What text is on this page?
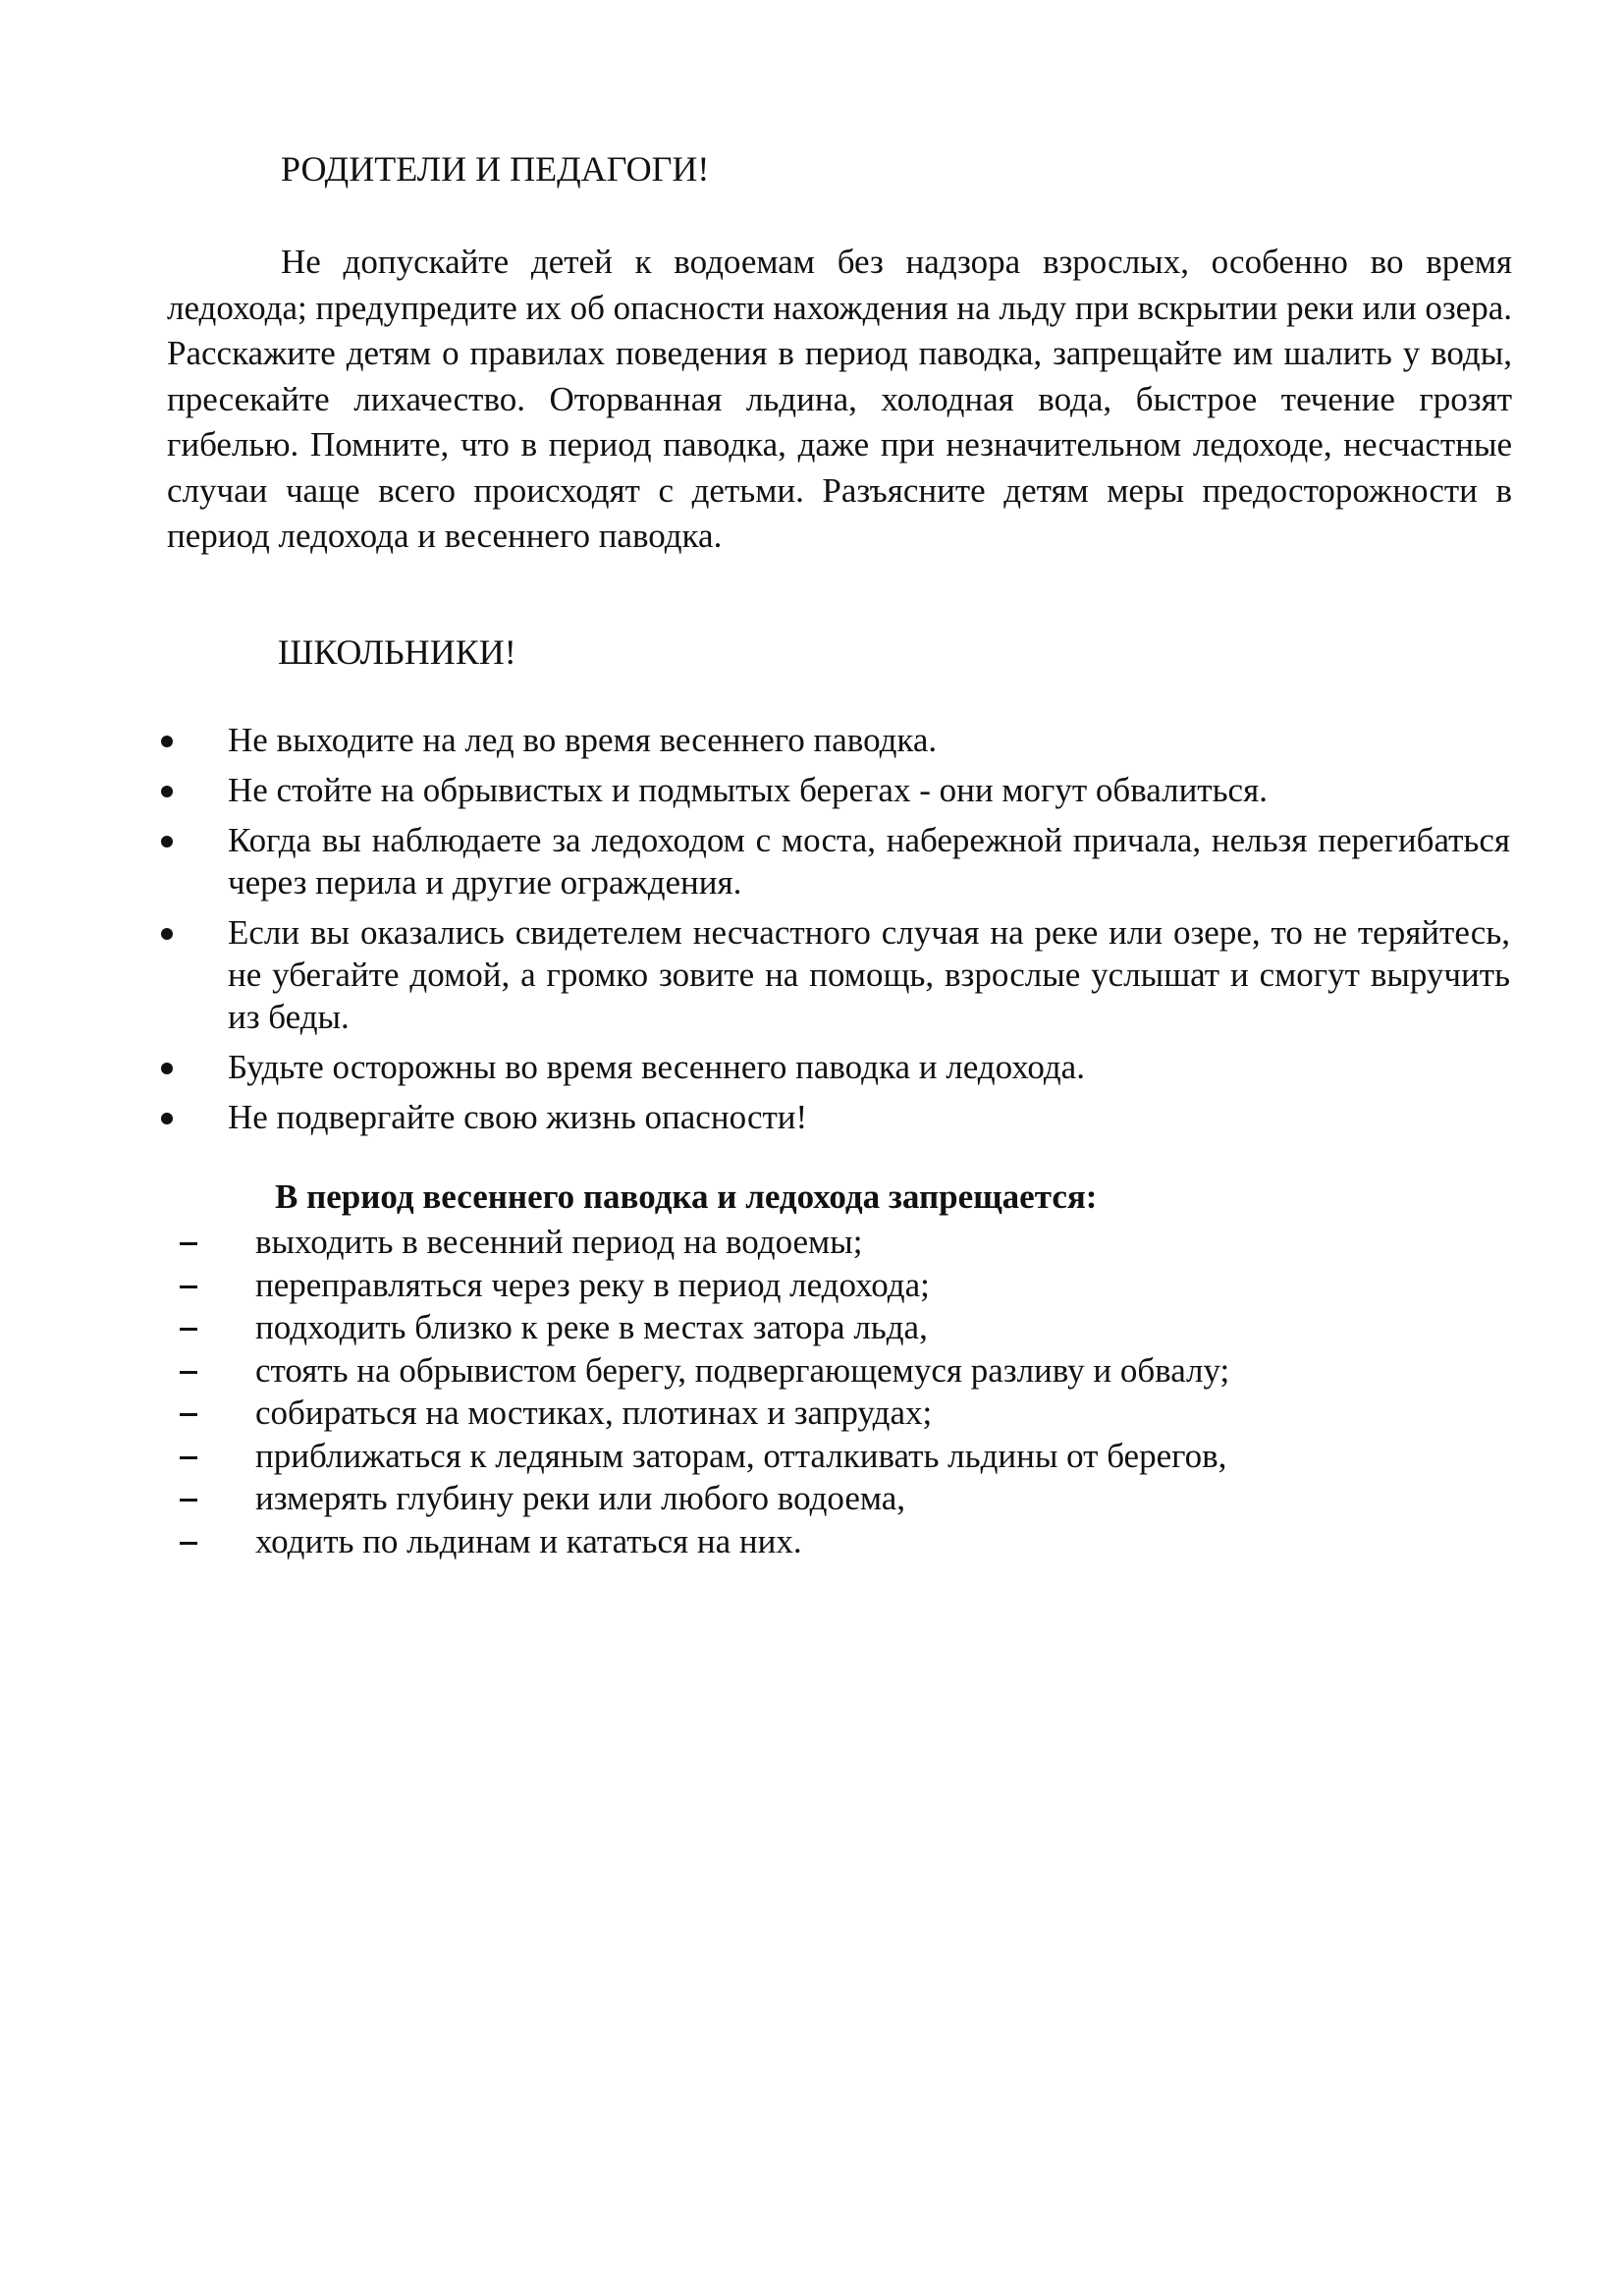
РОДИТЕЛИ И ПЕДАГОГИ!

Не допускайте детей к водоемам без надзора взрослых, особенно во время ледохода; предупредите их об опасности нахождения на льду при вскрытии реки или озера. Расскажите детям о правилах поведения в период паводка, запрещайте им шалить у воды, пресекайте лихачество. Оторванная льдина, холодная вода, быстрое течение грозят гибелью. Помните, что в период паводка, даже при незначительном ледоходе, несчастные случаи чаще всего происходят с детьми. Разъясните детям меры предосторожности в период ледохода и весеннего паводка.

ШКОЛЬНИКИ!
Не выходите на лед во время весеннего паводка.
Не стойте на обрывистых и подмытых берегах - они могут обвалиться.
Когда вы наблюдаете за ледоходом с моста, набережной причала, нельзя перегибаться через перила и другие ограждения.
Если вы оказались свидетелем несчастного случая на реке или озере, то не теряйтесь, не убегайте домой, а громко зовите на помощь, взрослые услышат и смогут выручить из беды.
Будьте осторожны во время весеннего паводка и ледохода.
Не подвергайте свою жизнь опасности!
В период весеннего паводка и ледохода запрещается:
выходить в весенний период на водоемы;
переправляться через реку в период ледохода;
подходить близко к реке в местах затора льда,
стоять на обрывистом берегу, подвергающемуся разливу и обвалу;
собираться на мостиках, плотинах и запрудах;
приближаться к ледяным заторам, отталкивать льдины от берегов,
измерять глубину реки или любого водоема,
ходить по льдинам и кататься на них.
